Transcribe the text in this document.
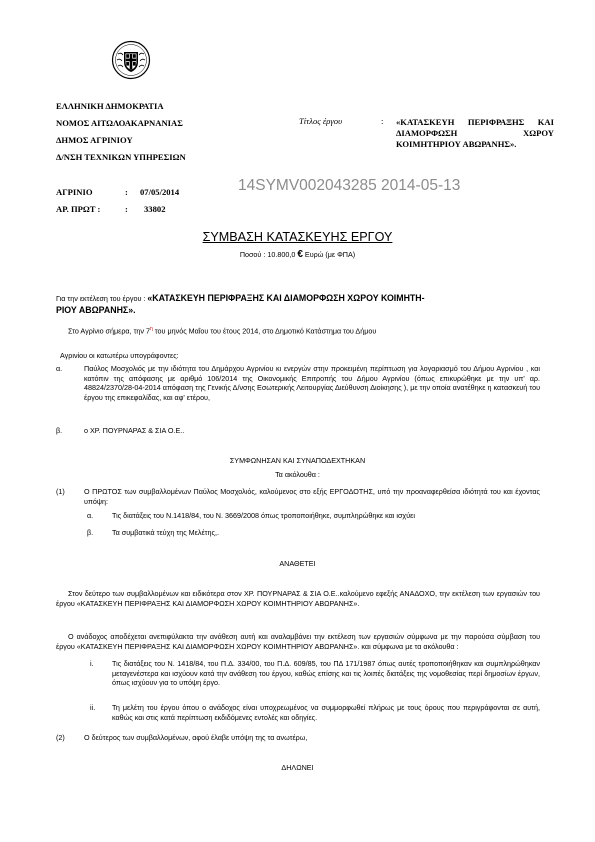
ΕΛΛΗΝΙΚΗ ΔΗΜΟΚΡΑΤΙΑ
ΝΟΜΟΣ ΑΙΤΩΛΟΑΚΑΡΝΑΝΙΑΣ
ΔΗΜΟΣ ΑΓΡΙΝΙΟΥ
Δ/ΝΣΗ ΤΕΧΝΙΚΩΝ ΥΠΗΡΕΣΙΩΝ
ΑΓΡΙΝΙΟ	: 07/05/2014
ΑΡ. ΠΡΩΤ :	: 33802
Τίτλος έργου	: «ΚΑΤΑΣΚΕΥΗ ΠΕΡΙΦΡΑΞΗΣ ΚΑΙ ΔΙΑΜΟΡΦΩΣΗ ΧΩΡΟΥ ΚΟΙΜΗΤΗΡΙΟΥ ΑΒΩΡΑΝΗΣ».
14SYMV002043285 2014-05-13
ΣΥΜΒΑΣΗ ΚΑΤΑΣΚΕΥΗΣ ΕΡΓΟΥ
Ποσού : 10.800,0 € Ευρώ (με ΦΠΑ)
Για την εκτέλεση του έργου : «ΚΑΤΑΣΚΕΥΗ ΠΕΡΙΦΡΑΞΗΣ ΚΑΙ ΔΙΑΜΟΡΦΩΣΗ ΧΩΡΟΥ ΚΟΙΜΗΤΗ-
ΡΙΟΥ ΑΒΩΡΑΝΗΣ».
Στο Αγρίνιο σήμερα, την $7^\eta$ του μηνός Μαΐου του έτους 2014, στο Δημοτικό Κατάστημα του Δήμου
Αγρινίου οι κατωτέρω υπογράφοντες:
α.	Παύλος Μοσχολιός με την ιδιότητα του Δημάρχου Αγρινίου κι ενεργών στην προκειμένη περίπτωση για λογαριασμό του Δήμου Αγρινίου , και κατόπιν της απόφασης με αριθμό 106/2014 της Οικονομικής Επιτροπής του Δήμου Αγρινίου (όπως επικυρώθηκε με την υπ' αρ. 48824/2370/28-04-2014 απόφαση της Γενικής Δ/νσης Εσωτερικής Λειτουργίας Διεύθυνση Διοίκησης ), με την οποία ανατέθηκε η κατασκευή του έργου της επικεφαλίδας, και αφ' ετέρου,
β.	ο ΧΡ. ΠΟΥΡΝΑΡΑΣ & ΣΙΑ Ο.Ε..
ΣΥΜΦΩΝΗΣΑΝ ΚΑΙ ΣΥΝΑΠΟΔΕΧΤΗΚΑΝ
Τα ακόλουθα :
(1)	Ο ΠΡΩΤΟΣ των συμβαλλομένων Παύλος Μοσχολιός, καλούμενος στο εξής ΕΡΓΟΔΟΤΗΣ, υπό την προαναφερθείσα ιδιότητά του και έχοντας υπόψη:
α.	Τις διατάξεις του Ν.1418/84, του Ν. 3669/2008 όπως τροποποιήθηκε, συμπληρώθηκε και ισχύει
β.	Τα συμβατικά τεύχη της Μελέτης,.
ΑΝΑΘΕΤΕΙ
Στον δεύτερο των συμβαλλομένων και ειδικότερα στον ΧΡ. ΠΟΥΡΝΑΡΑΣ & ΣΙΑ Ο.Ε..καλούμενο εφεξής ΑΝΑΔΟΧΟ, την εκτέλεση των εργασιών του έργου «ΚΑΤΑΣΚΕΥΗ ΠΕΡΙΦΡΑΞΗΣ ΚΑΙ ΔΙΑΜΟΡΦΩΣΗ ΧΩΡΟΥ ΚΟΙΜΗΤΗΡΙΟΥ ΑΒΩΡΑΝΗΣ».
Ο ανάδοχος αποδέχεται ανεπιφύλακτα την ανάθεση αυτή και αναλαμβάνει την εκτέλεση των εργασιών σύμφωνα με την παρούσα σύμβαση του έργου «ΚΑΤΑΣΚΕΥΗ ΠΕΡΙΦΡΑΞΗΣ ΚΑΙ ΔΙΑΜΟΡΦΩΣΗ ΧΩΡΟΥ ΚΟΙΜΗΤΗΡΙΟΥ ΑΒΩΡΑΝΗΣ». και σύμφωνα με τα ακόλουθα :
i.	Τις διατάξεις του Ν. 1418/84, του Π.Δ. 334/00, του Π.Δ. 609/85, του ΠΔ 171/1987 όπως αυτές τροποποιήθηκαν και συμπληρώθηκαν μεταγενέστερα και ισχύουν κατά την ανάθεση του έργου, καθώς επίσης και τις λοιπές διατάξεις της νομοθεσίας περί δημοσίων έργων, όπως ισχύουν για το υπόψη έργο.
ii. Τη μελέτη του έργου όπου ο ανάδοχος είναι υποχρεωμένος να συμμορφωθεί πλήρως με τους όρους που περιγράφονται σε αυτή, καθώς και στις κατά περίπτωση εκδιδόμενες εντολές και οδηγίες.
(2)	Ο δεύτερος των συμβαλλομένων, αφού έλαβε υπόψη της τα ανωτέρω,
ΔΗΛΩΝΕΙ
